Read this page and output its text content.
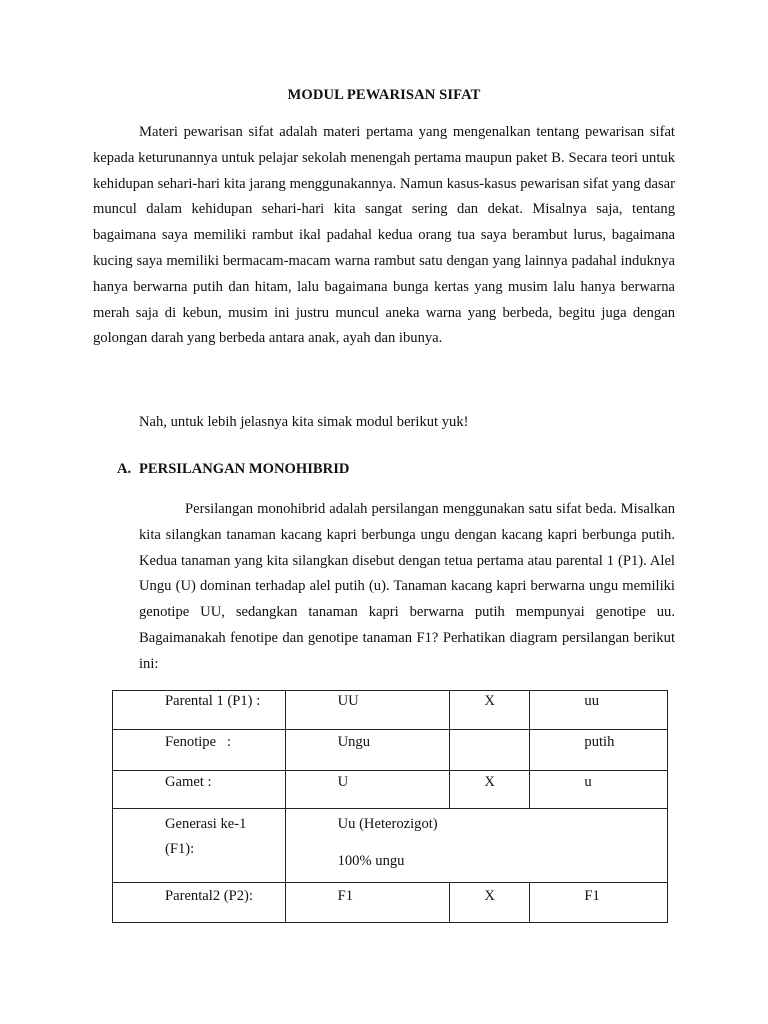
MODUL PEWARISAN SIFAT

Materi pewarisan sifat adalah materi pertama yang mengenalkan tentang pewarisan sifat kepada keturunannya untuk pelajar sekolah menengah pertama maupun paket B. Secara teori untuk kehidupan sehari-hari kita jarang menggunakannya. Namun kasus-kasus pewarisan sifat yang dasar muncul dalam kehidupan sehari-hari kita sangat sering dan dekat. Misalnya saja, tentang bagaimana saya memiliki rambut ikal padahal kedua orang tua saya berambut lurus, bagaimana kucing saya memiliki bermacam-macam warna rambut satu dengan yang lainnya padahal induknya hanya berwarna putih dan hitam, lalu bagaimana bunga kertas yang musim lalu hanya berwarna merah saja di kebun, musim ini justru muncul aneka warna yang berbeda, begitu juga dengan golongan darah yang berbeda antara anak, ayah dan ibunya.

Nah, untuk lebih jelasnya kita simak modul berikut yuk!

A. PERSILANGAN MONOHIBRID

Persilangan monohibrid adalah persilangan menggunakan satu sifat beda. Misalkan kita silangkan tanaman kacang kapri berbunga ungu dengan kacang kapri berbunga putih. Kedua tanaman yang kita silangkan disebut dengan tetua pertama atau parental 1 (P1). Alel Ungu (U) dominan terhadap alel putih (u). Tanaman kacang kapri berwarna ungu memiliki genotipe UU, sedangkan tanaman kapri berwarna putih mempunyai genotipe uu. Bagaimanakah fenotipe dan genotipe tanaman F1? Perhatikan diagram persilangan berikut ini:

Parental 1 (P1) :	UU	X	uu
Fenotipe   :	Ungu		putih
Gamet :	U	X	u

Generasi ke-1
(F1):	Uu (Heterozigot)
100% ungu		

Parental2 (P2):	F1	X	F1
